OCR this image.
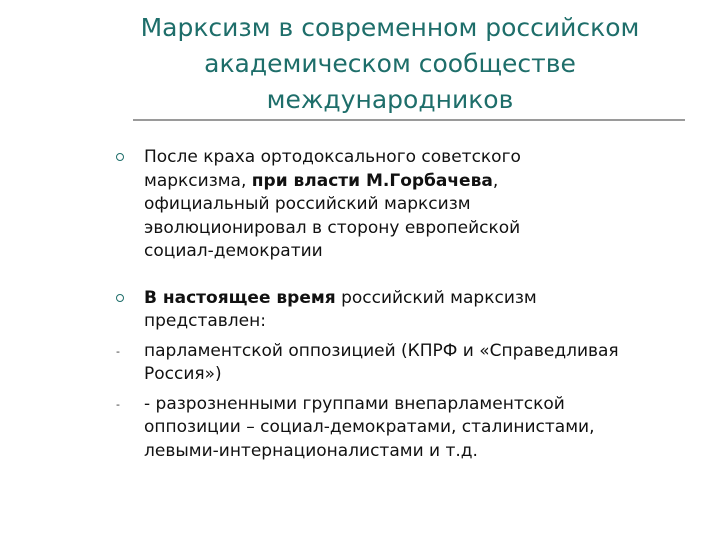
Марксизм в современном российском
академическом сообществе
международников
После краха ортодоксального советского
марксизма, при власти М.Горбачева,
официальный российский марксизм
эволюционировал в сторону европейской
социал-демократии
В настоящее время российский марксизм
представлен:
- парламентской оппозицией (КПРФ и «Справедливая
Россия»)
- - разрозненными группами внепарламентской
оппозиции – социал-демократами, сталинистами,
левыми-интернационалистами и т.д.
